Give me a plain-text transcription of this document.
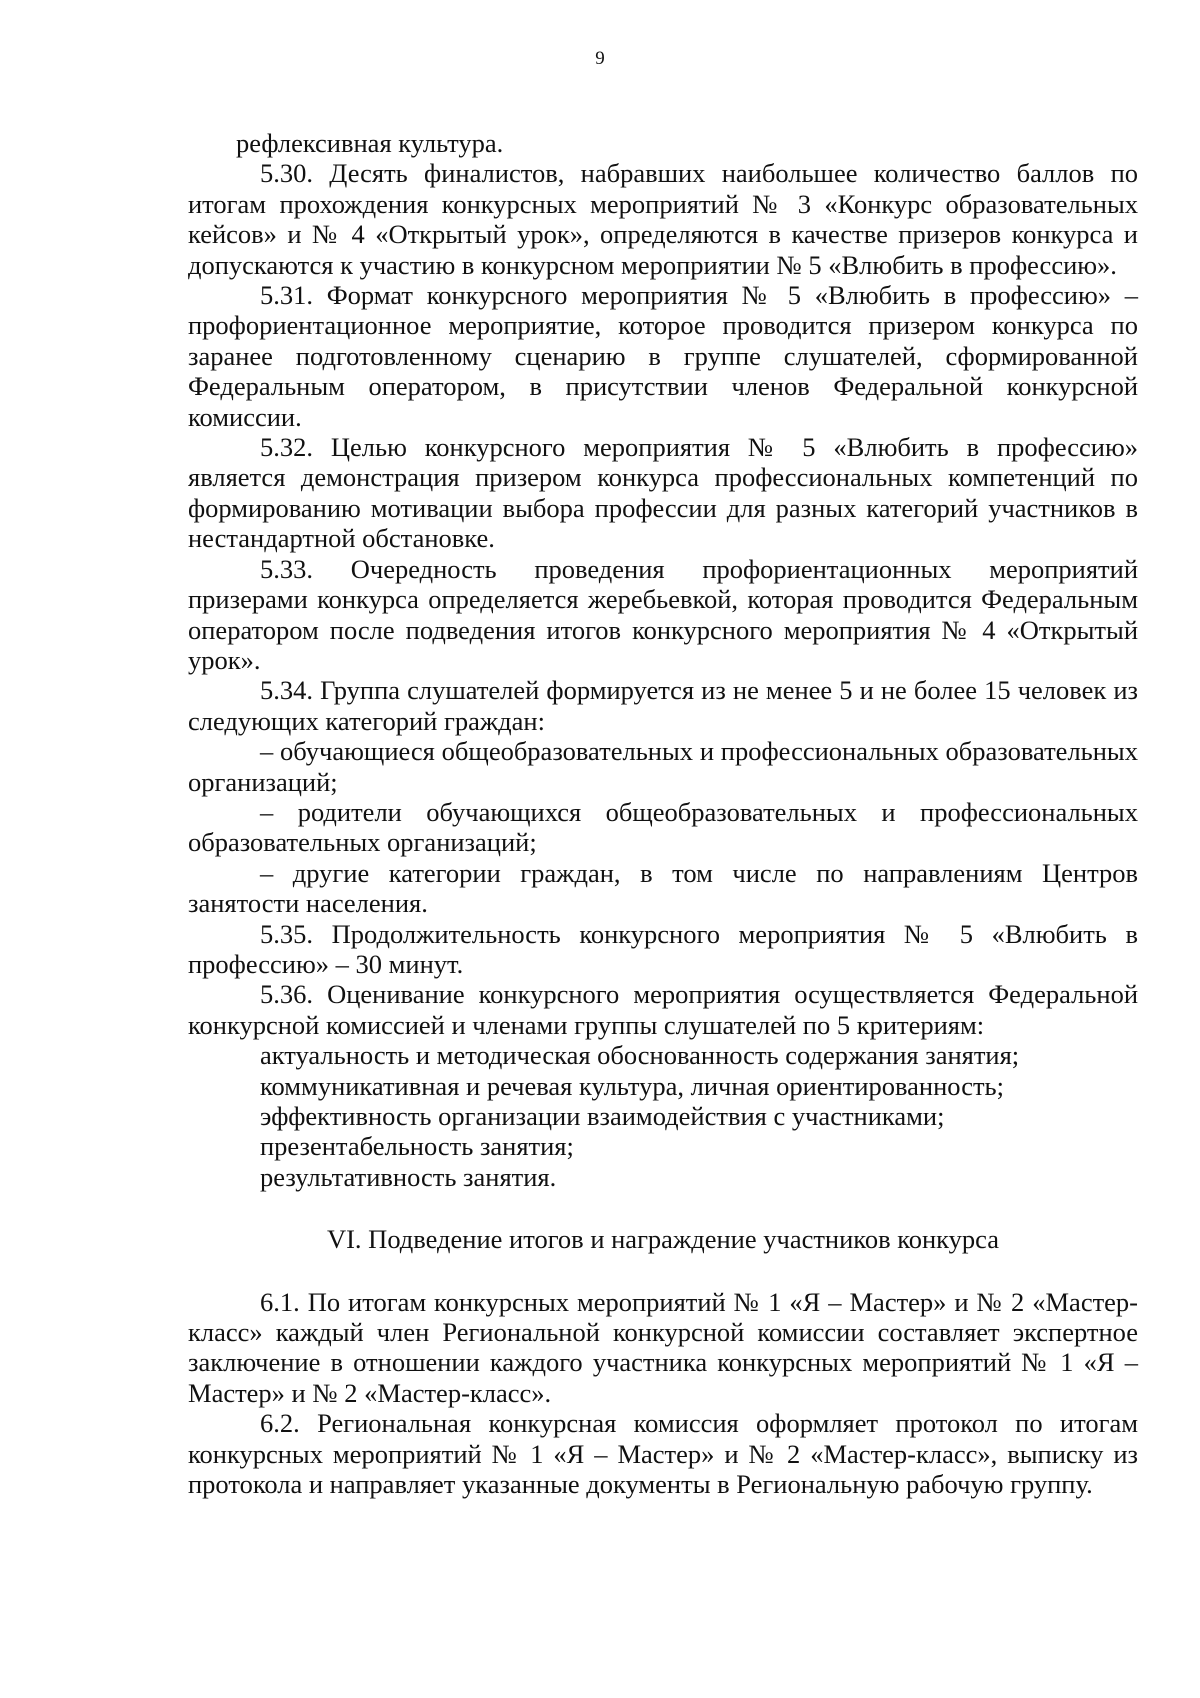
9

рефлексивная культура.

5.30. Десять финалистов, набравших наибольшее количество баллов по итогам прохождения конкурсных мероприятий № 3 «Конкурс образовательных кейсов» и № 4 «Открытый урок», определяются в качестве призеров конкурса и допускаются к участию в конкурсном мероприятии № 5 «Влюбить в профессию».

5.31. Формат конкурсного мероприятия № 5 «Влюбить в профессию» – профориентационное мероприятие, которое проводится призером конкурса по заранее подготовленному сценарию в группе слушателей, сформированной Федеральным оператором, в присутствии членов Федеральной конкурсной комиссии.

5.32. Целью конкурсного мероприятия № 5 «Влюбить в профессию» является демонстрация призером конкурса профессиональных компетенций по формированию мотивации выбора профессии для разных категорий участников в нестандартной обстановке.

5.33. Очередность проведения профориентационных мероприятий призерами конкурса определяется жеребьевкой, которая проводится Федеральным оператором после подведения итогов конкурсного мероприятия № 4 «Открытый урок».

5.34. Группа слушателей формируется из не менее 5 и не более 15 человек из следующих категорий граждан:

– обучающиеся общеобразовательных и профессиональных образовательных организаций;

– родители обучающихся общеобразовательных и профессиональных образовательных организаций;

– другие категории граждан, в том числе по направлениям Центров занятости населения.

5.35. Продолжительность конкурсного мероприятия № 5 «Влюбить в профессию» – 30 минут.

5.36. Оценивание конкурсного мероприятия осуществляется Федеральной конкурсной комиссией и членами группы слушателей по 5 критериям:

актуальность и методическая обоснованность содержания занятия;

коммуникативная и речевая культура, личная ориентированность;

эффективность организации взаимодействия с участниками;

презентабельность занятия;

результативность занятия.

VI. Подведение итогов и награждение участников конкурса

6.1. По итогам конкурсных мероприятий № 1 «Я – Мастер» и № 2 «Мастер-класс» каждый член Региональной конкурсной комиссии составляет экспертное заключение в отношении каждого участника конкурсных мероприятий № 1 «Я – Мастер» и № 2 «Мастер-класс».

6.2. Региональная конкурсная комиссия оформляет протокол по итогам конкурсных мероприятий № 1 «Я – Мастер» и № 2 «Мастер-класс», выписку из протокола и направляет указанные документы в Региональную рабочую группу.
